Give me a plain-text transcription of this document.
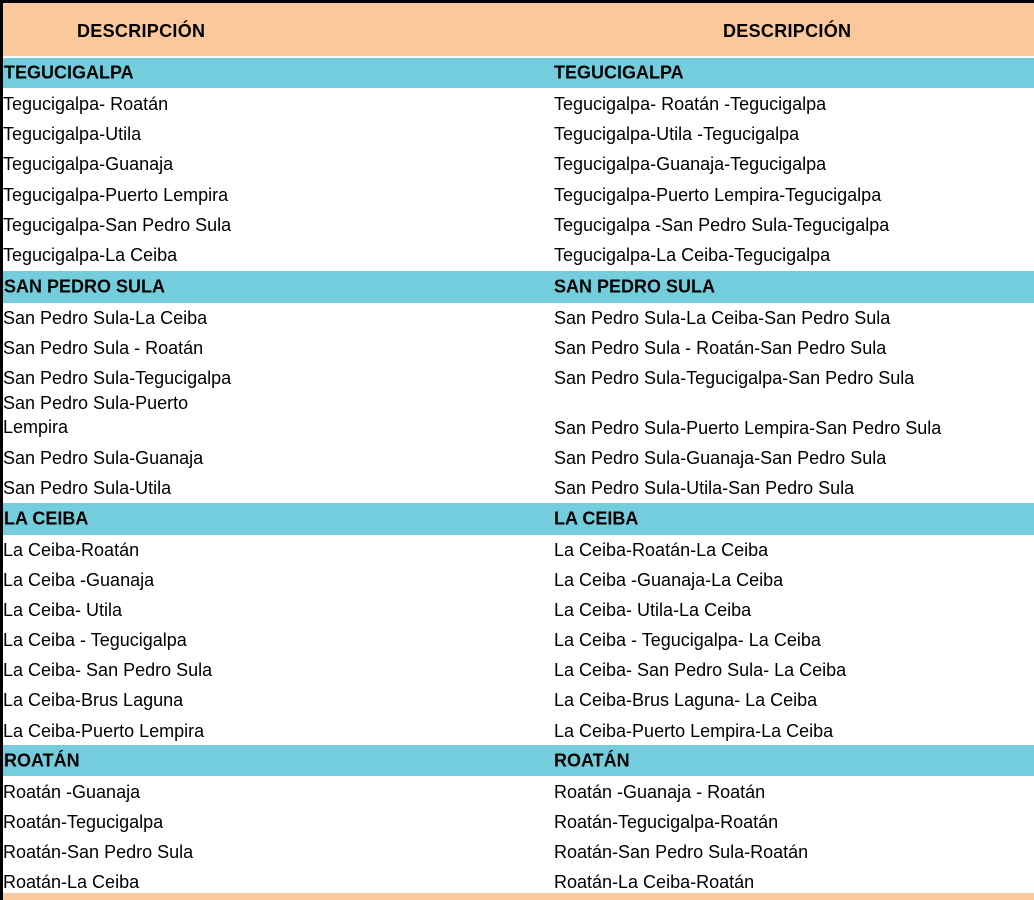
DESCRIPCIÓN	DESCRIPCIÓN
TEGUCIGALPA	TEGUCIGALPA
Tegucigalpa- Roatán	Tegucigalpa- Roatán -Tegucigalpa
Tegucigalpa-Utila	Tegucigalpa-Utila -Tegucigalpa
Tegucigalpa-Guanaja	Tegucigalpa-Guanaja-Tegucigalpa
Tegucigalpa-Puerto Lempira	Tegucigalpa-Puerto Lempira-Tegucigalpa
Tegucigalpa-San Pedro Sula	Tegucigalpa -San Pedro Sula-Tegucigalpa
Tegucigalpa-La Ceiba	Tegucigalpa-La Ceiba-Tegucigalpa
SAN PEDRO SULA	SAN PEDRO SULA
San Pedro Sula-La Ceiba	San Pedro Sula-La Ceiba-San Pedro Sula
San Pedro Sula - Roatán	San Pedro Sula - Roatán-San Pedro Sula
San Pedro Sula-Tegucigalpa	San Pedro Sula-Tegucigalpa-San Pedro Sula
San Pedro Sula-Puerto Lempira	San Pedro Sula-Puerto Lempira-San Pedro Sula
San Pedro Sula-Guanaja	San Pedro Sula-Guanaja-San Pedro Sula
San Pedro Sula-Utila	San Pedro Sula-Utila-San Pedro Sula
LA CEIBA	LA CEIBA
La Ceiba-Roatán	La Ceiba-Roatán-La Ceiba
La Ceiba -Guanaja	La Ceiba -Guanaja-La Ceiba
La Ceiba- Utila	La Ceiba- Utila-La Ceiba
La Ceiba - Tegucigalpa	La Ceiba - Tegucigalpa- La Ceiba
La Ceiba- San Pedro Sula	La Ceiba- San Pedro Sula- La Ceiba
La Ceiba-Brus Laguna	La Ceiba-Brus Laguna- La Ceiba
La Ceiba-Puerto Lempira	La Ceiba-Puerto Lempira-La Ceiba
ROATÁN	ROATÁN
Roatán -Guanaja	Roatán -Guanaja - Roatán
Roatán-Tegucigalpa	Roatán-Tegucigalpa-Roatán
Roatán-San Pedro Sula	Roatán-San Pedro Sula-Roatán
Roatán-La Ceiba	Roatán-La Ceiba-Roatán
